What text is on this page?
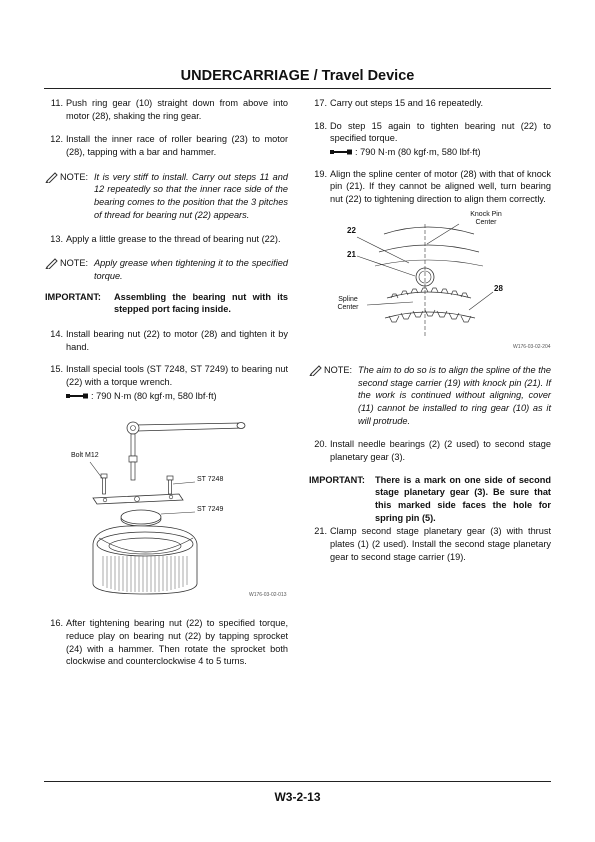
UNDERCARRIAGE / Travel Device
11. Push ring gear (10) straight down from above into motor (28), shaking the ring gear.
12. Install the inner race of roller bearing (23) to motor (28), tapping with a bar and hammer.
NOTE: It is very stiff to install. Carry out steps 11 and 12 repeatedly so that the inner race side of the bearing comes to the position that the 3 pitches of thread for bearing nut (22) appears.
13. Apply a little grease to the thread of bearing nut (22).
NOTE: Apply grease when tightening it to the specified torque.
IMPORTANT: Assembling the bearing nut with its stepped port facing inside.
14. Install bearing nut (22) to motor (28) and tighten it by hand.
15. Install special tools (ST 7248, ST 7249) to bearing nut (22) with a torque wrench.
: 790 N·m (80 kgf·m, 580 lbf·ft)
Bolt M12
ST 7248
ST 7249
W176-03-02-013
16. After tightening bearing nut (22) to specified torque, reduce play on bearing nut (22) by tapping sprocket (24) with a hammer. Then rotate the sprocket both clockwise and counterclockwise 4 to 5 turns.
17. Carry out steps 15 and 16 repeatedly.
18. Do step 15 again to tighten bearing nut (22) to specified torque.
: 790 N·m (80 kgf·m, 580 lbf·ft)
19. Align the spline center of motor (28) with that of knock pin (21). If they cannot be aligned well, turn bearing nut (22) to tightening direction to align them correctly.
22
21
Knock Pin Center
Spline Center
28
W176-03-02-204
NOTE: The aim to do so is to align the spline of the the second stage carrier (19) with knock pin (21). If the work is continued without aligning, cover (11) cannot be installed to ring gear (10) as it will protrude.
20. Install needle bearings (2) (2 used) to second stage planetary gear (3).
IMPORTANT: There is a mark on one side of second stage planetary gear (3). Be sure that this marked side faces the hole for spring pin (5).
21. Clamp second stage planetary gear (3) with thrust plates (1) (2 used). Install the second stage planetary gear to second stage carrier (19).
W3-2-13
